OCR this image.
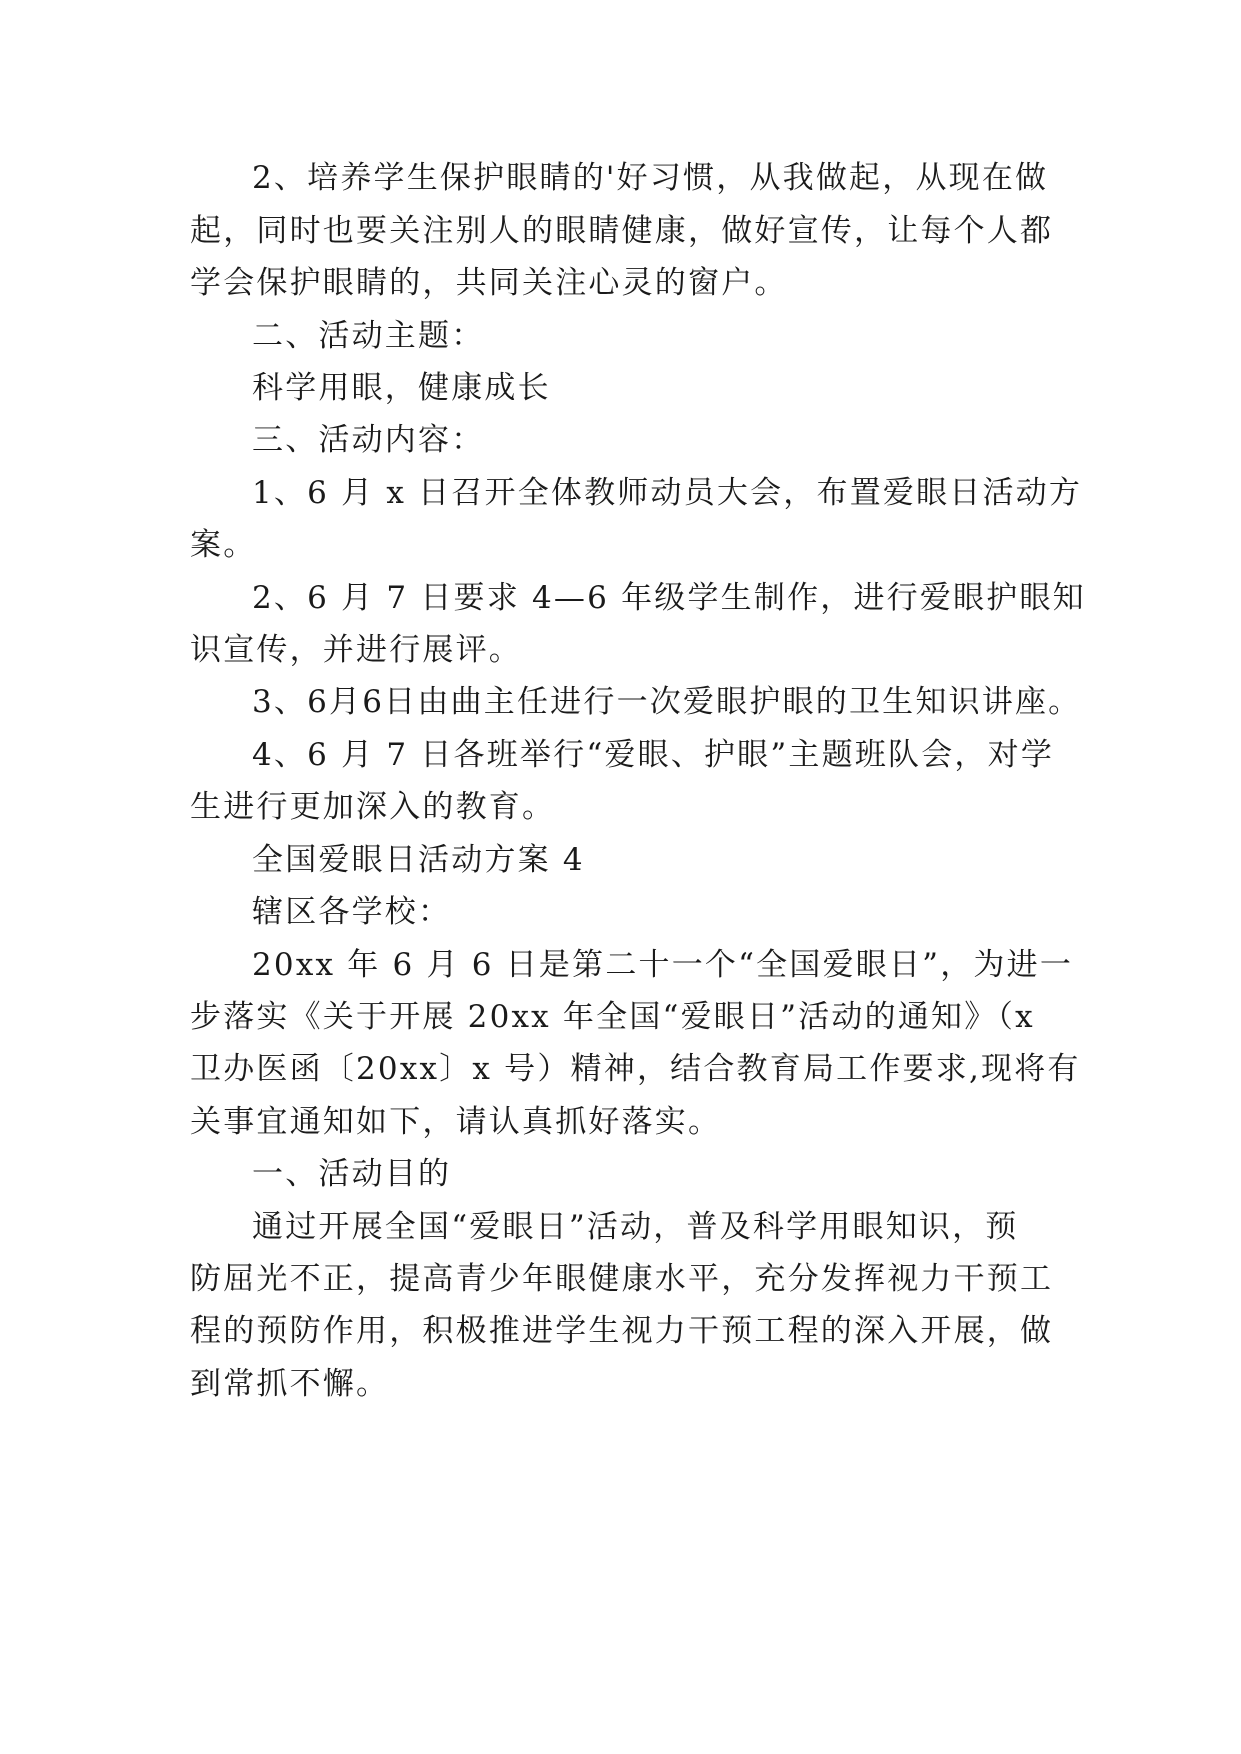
2、培养学生保护眼睛的'好习惯，从我做起，从现在做
起，同时也要关注别人的眼睛健康，做好宣传，让每个人都
学会保护眼睛的，共同关注心灵的窗户。
二、活动主题：
科学用眼，健康成长
三、活动内容：
1、6 月 x 日召开全体教师动员大会，布置爱眼日活动方
案。
2、6 月 7 日要求 4—6 年级学生制作，进行爱眼护眼知
识宣传，并进行展评。
3、6月6日由曲主任进行一次爱眼护眼的卫生知识讲座。
4、6 月 7 日各班举行“爱眼、护眼”主题班队会，对学
生进行更加深入的教育。
全国爱眼日活动方案 4
辖区各学校：
20xx 年 6 月 6 日是第二十一个“全国爱眼日”，为进一
步落实《关于开展 20xx 年全国“爱眼日”活动的通知》（x
卫办医函〔20xx〕x 号）精神，结合教育局工作要求,现将有
关事宜通知如下，请认真抓好落实。
一、活动目的
通过开展全国“爱眼日”活动，普及科学用眼知识，预
防屈光不正，提高青少年眼健康水平，充分发挥视力干预工
程的预防作用，积极推进学生视力干预工程的深入开展，做
到常抓不懈。
